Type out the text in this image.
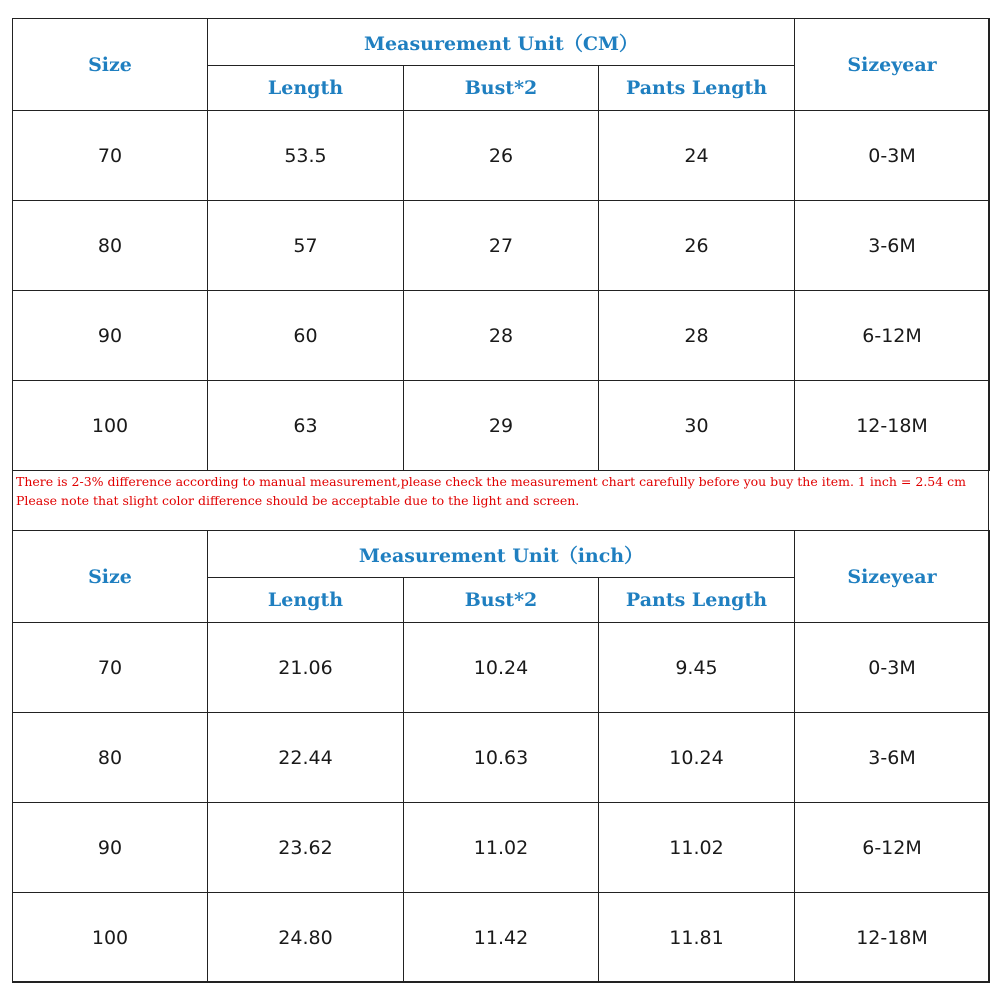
Size	Measurement Unit（CM）			Sizeyear
	Length	Bust*2	Pants Length	
70	53.5	26	24	0-3M
80	57	27	26	3-6M
90	60	28	28	6-12M
100	63	29	30	12-18M

There is 2-3% difference according to manual measurement,please check the measurement chart carefully before you buy the item. 1 inch = 2.54 cm

Please note that slight color difference should be acceptable due to the light and screen.

Size	Measurement Unit（inch）			Sizeyear
	Length	Bust*2	Pants Length	
70	21.06	10.24	9.45	0-3M
80	22.44	10.63	10.24	3-6M
90	23.62	11.02	11.02	6-12M
100	24.80	11.42	11.81	12-18M
